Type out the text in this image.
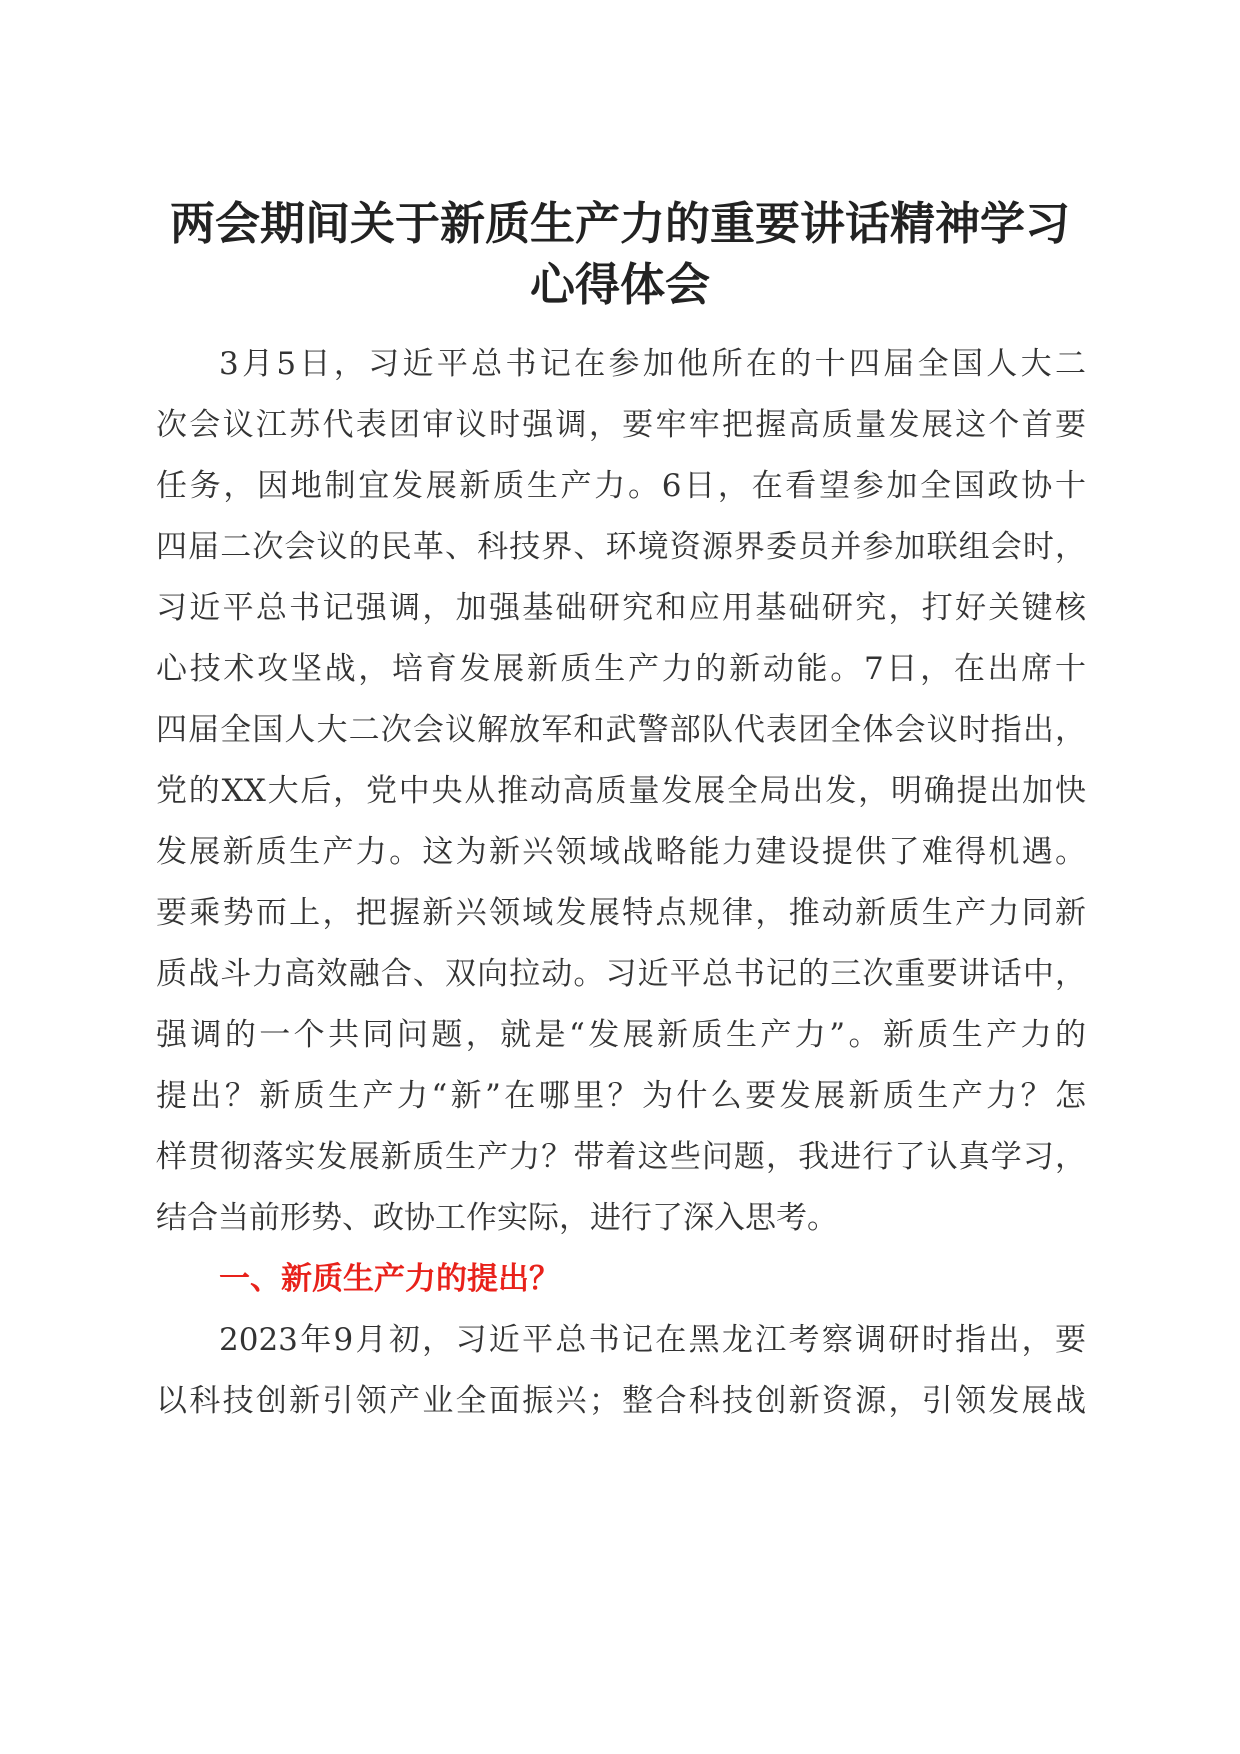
两会期间关于新质生产力的重要讲话精神学习
心得体会

3月5日，习近平总书记在参加他所在的十四届全国人大二

次会议江苏代表团审议时强调，要牢牢把握高质量发展这个首要

任务，因地制宜发展新质生产力。6日，在看望参加全国政协十

四届二次会议的民革、科技界、环境资源界委员并参加联组会时，

习近平总书记强调，加强基础研究和应用基础研究，打好关键核

心技术攻坚战，培育发展新质生产力的新动能。7日，在出席十

四届全国人大二次会议解放军和武警部队代表团全体会议时指出，

党的XX大后，党中央从推动高质量发展全局出发，明确提出加快

发展新质生产力。这为新兴领域战略能力建设提供了难得机遇。

要乘势而上，把握新兴领域发展特点规律，推动新质生产力同新

质战斗力高效融合、双向拉动。习近平总书记的三次重要讲话中，

强调的一个共同问题，就是“发展新质生产力”。新质生产力的

提出？新质生产力“新”在哪里？为什么要发展新质生产力？怎

样贯彻落实发展新质生产力？带着这些问题，我进行了认真学习，

结合当前形势、政协工作实际，进行了深入思考。

一、新质生产力的提出？

2023年9月初，习近平总书记在黑龙江考察调研时指出，要

以科技创新引领产业全面振兴；整合科技创新资源，引领发展战
